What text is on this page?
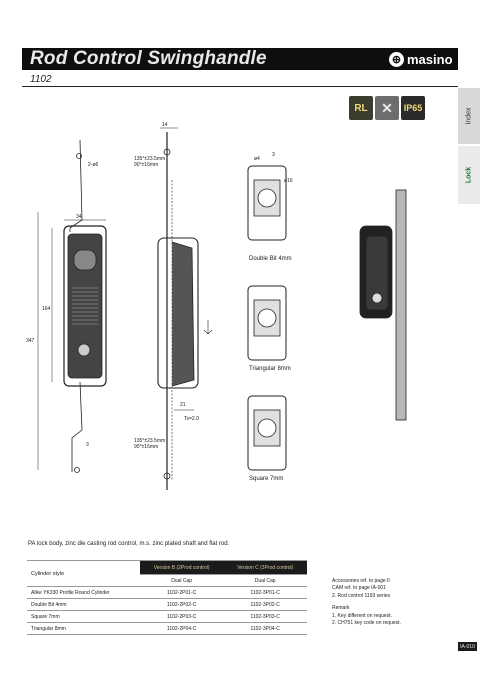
Rod Control Swinghandle	⊕ masino
1102
Index
Lock
RL ✕	IP65
14
2-ø6
34
347
164
135°±23.5mm
90°±16mm
135°±23.5mm
90°±16mm
21
Ts=2.0
3
3
ø16
ø4
Double Bit 4mm
Triangular 8mm
Square 7mm
PA lock body, zinc die casting rod control, m.s. zinc plated shaft and flat rod.
Cylinder style	Version B (2Prod control)	Version C (3Prod control)
	Dual Cap	Dual Cap
Alike YK330 Profile Round Cylinder	1102-2P01-C	1102-3P01-C
Double Bit 4mm	1102-2P02-C	1102-3P02-C
Square 7mm	1102-2P03-C	1102-3P03-C
Triangular 8mm	1102-2P04-C	1102-3P04-C
Accessories ref. to page II
CAM ref. to page IA-001
2. Rod control 1193 series
Remark
1. Key different on request.
2. CH751 key code on request.
IA-010
